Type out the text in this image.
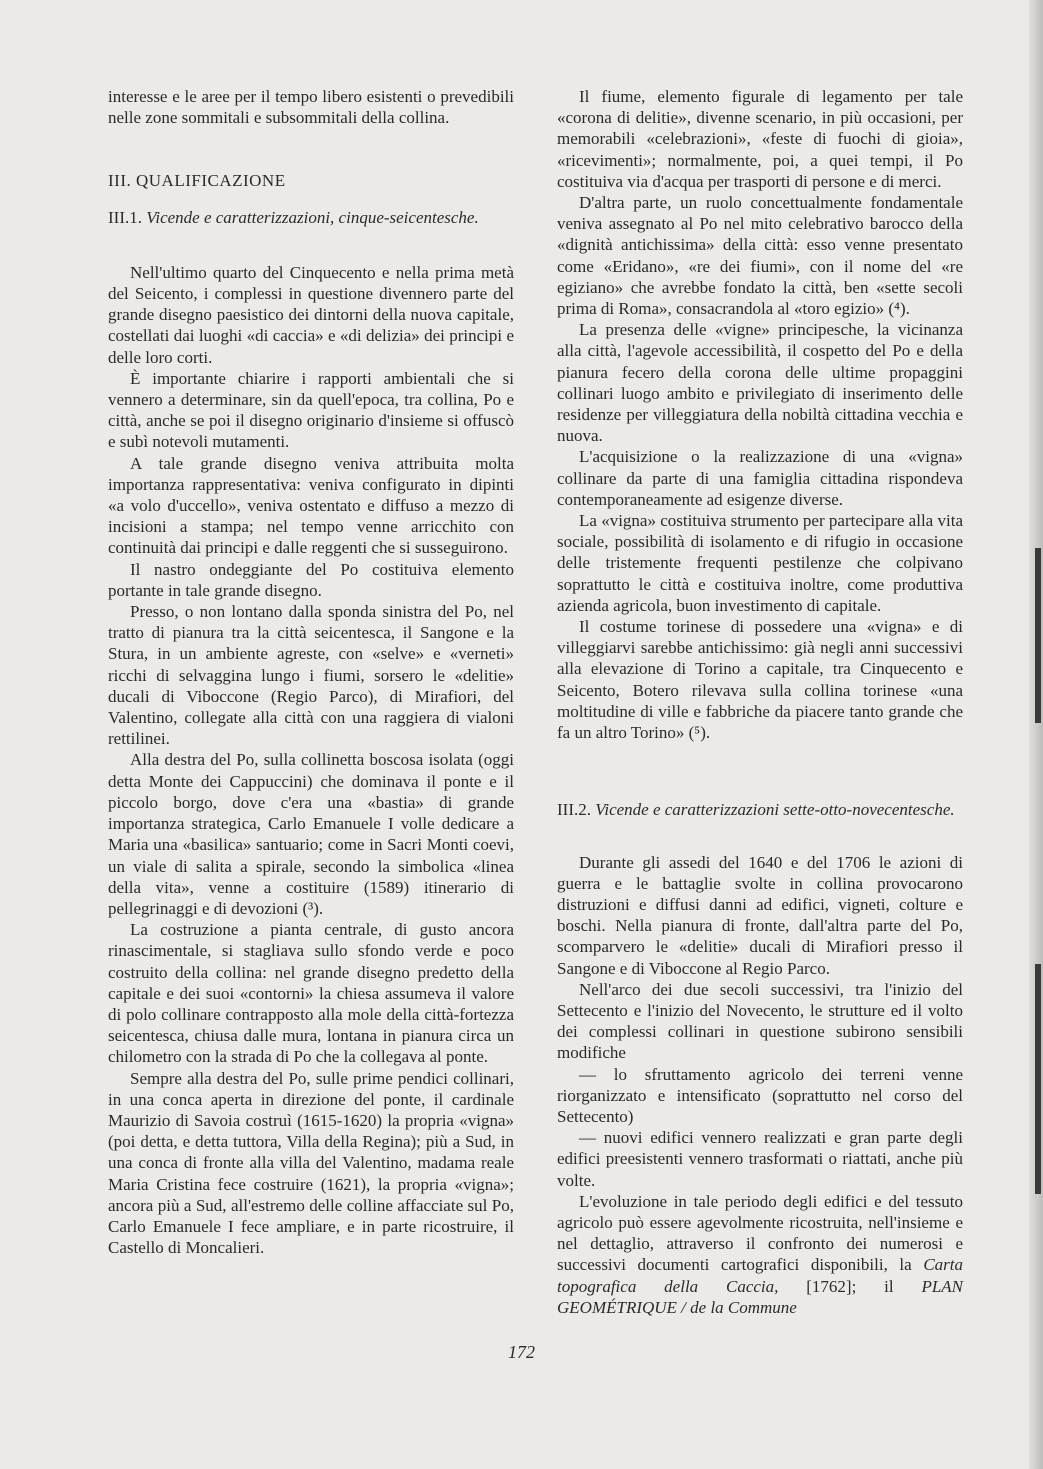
interesse e le aree per il tempo libero esistenti o prevedibili nelle zone sommitali e subsommitali della collina.

III. QUALIFICAZIONE

III.1. Vicende e caratterizzazioni, cinque-seicentesche.

Nell'ultimo quarto del Cinquecento e nella prima metà del Seicento, i complessi in questione divennero parte del grande disegno paesistico dei dintorni della nuova capitale, costellati dai luoghi «di caccia» e «di delizia» dei principi e delle loro corti.

È importante chiarire i rapporti ambientali che si vennero a determinare, sin da quell'epoca, tra collina, Po e città, anche se poi il disegno originario d'insieme si offuscò e subì notevoli mutamenti.

A tale grande disegno veniva attribuita molta importanza rappresentativa: veniva configurato in dipinti «a volo d'uccello», veniva ostentato e diffuso a mezzo di incisioni a stampa; nel tempo venne arricchito con continuità dai principi e dalle reggenti che si susseguirono.

Il nastro ondeggiante del Po costituiva elemento portante in tale grande disegno.

Presso, o non lontano dalla sponda sinistra del Po, nel tratto di pianura tra la città seicentesca, il Sangone e la Stura, in un ambiente agreste, con «selve» e «verneti» ricchi di selvaggina lungo i fiumi, sorsero le «delitie» ducali di Viboccone (Regio Parco), di Mirafiori, del Valentino, collegate alla città con una raggiera di vialoni rettilinei.

Alla destra del Po, sulla collinetta boscosa isolata (oggi detta Monte dei Cappuccini) che dominava il ponte e il piccolo borgo, dove c'era una «bastia» di grande importanza strategica, Carlo Emanuele I volle dedicare a Maria una «basilica» santuario; come in Sacri Monti coevi, un viale di salita a spirale, secondo la simbolica «linea della vita», venne a costituire (1589) itinerario di pellegrinaggi e di devozioni (³).

La costruzione a pianta centrale, di gusto ancora rinascimentale, si stagliava sullo sfondo verde e poco costruito della collina: nel grande disegno predetto della capitale e dei suoi «contorni» la chiesa assumeva il valore di polo collinare contrapposto alla mole della città-fortezza seicentesca, chiusa dalle mura, lontana in pianura circa un chilometro con la strada di Po che la collegava al ponte.

Sempre alla destra del Po, sulle prime pendici collinari, in una conca aperta in direzione del ponte, il cardinale Maurizio di Savoia costruì (1615-1620) la propria «vigna» (poi detta, e detta tuttora, Villa della Regina); più a Sud, in una conca di fronte alla villa del Valentino, madama reale Maria Cristina fece costruire (1621), la propria «vigna»; ancora più a Sud, all'estremo delle colline affacciate sul Po, Carlo Emanuele I fece ampliare, e in parte ricostruire, il Castello di Moncalieri.

Il fiume, elemento figurale di legamento per tale «corona di delitie», divenne scenario, in più occasioni, per memorabili «celebrazioni», «feste di fuochi di gioia», «ricevimenti»; normalmente, poi, a quei tempi, il Po costituiva via d'acqua per trasporti di persone e di merci.

D'altra parte, un ruolo concettualmente fondamentale veniva assegnato al Po nel mito celebrativo barocco della «dignità antichissima» della città: esso venne presentato come «Eridano», «re dei fiumi», con il nome del «re egiziano» che avrebbe fondato la città, ben «sette secoli prima di Roma», consacrandola al «toro egizio» (⁴).

La presenza delle «vigne» principesche, la vicinanza alla città, l'agevole accessibilità, il cospetto del Po e della pianura fecero della corona delle ultime propaggini collinari luogo ambito e privilegiato di inserimento delle residenze per villeggiatura della nobiltà cittadina vecchia e nuova.

L'acquisizione o la realizzazione di una «vigna» collinare da parte di una famiglia cittadina rispondeva contemporaneamente ad esigenze diverse.

La «vigna» costituiva strumento per partecipare alla vita sociale, possibilità di isolamento e di rifugio in occasione delle tristemente frequenti pestilenze che colpivano soprattutto le città e costituiva inoltre, come produttiva azienda agricola, buon investimento di capitale.

Il costume torinese di possedere una «vigna» e di villeggiarvi sarebbe antichissimo: già negli anni successivi alla elevazione di Torino a capitale, tra Cinquecento e Seicento, Botero rilevava sulla collina torinese «una moltitudine di ville e fabbriche da piacere tanto grande che fa un altro Torino» (⁵).

III.2. Vicende e caratterizzazioni sette-otto-novecentesche.

Durante gli assedi del 1640 e del 1706 le azioni di guerra e le battaglie svolte in collina provocarono distruzioni e diffusi danni ad edifici, vigneti, colture e boschi. Nella pianura di fronte, dall'altra parte del Po, scomparvero le «delitie» ducali di Mirafiori presso il Sangone e di Viboccone al Regio Parco.

Nell'arco dei due secoli successivi, tra l'inizio del Settecento e l'inizio del Novecento, le strutture ed il volto dei complessi collinari in questione subirono sensibili modifiche

— lo sfruttamento agricolo dei terreni venne riorganizzato e intensificato (soprattutto nel corso del Settecento)

— nuovi edifici vennero realizzati e gran parte degli edifici preesistenti vennero trasformati o riattati, anche più volte.

L'evoluzione in tale periodo degli edifici e del tessuto agricolo può essere agevolmente ricostruita, nell'insieme e nel dettaglio, attraverso il confronto dei numerosi e successivi documenti cartografici disponibili, la Carta topografica della Caccia, [1762]; il PLAN GEOMÉTRIQUE / de la Commune

172
